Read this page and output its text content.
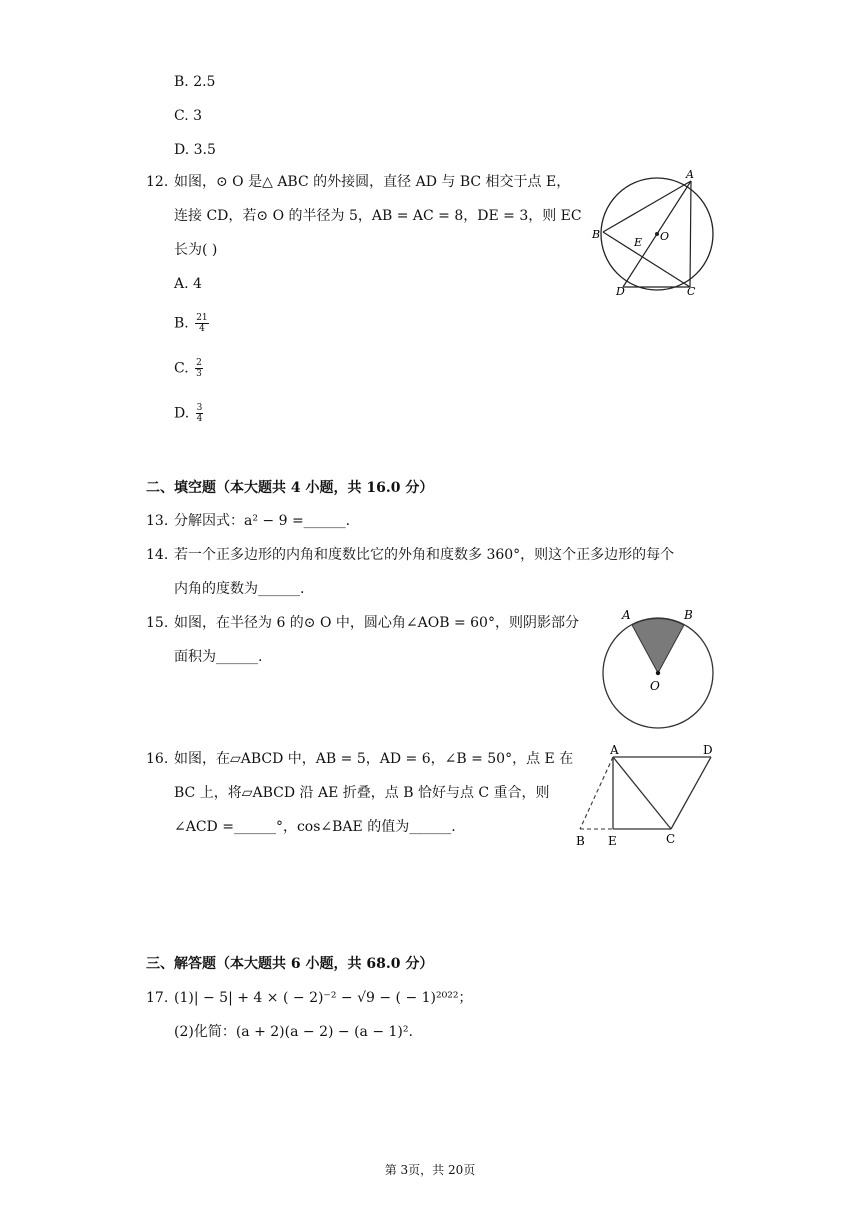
B. 2.5
C. 3
D. 3.5
12. 如图，⊙ O 是△ ABC 的外接圆，直径 AD 与 BC 相交于点 E，
连接 CD，若⊙ O 的半径为 5，AB = AC = 8，DE = 3，则 EC
长为( )
A. 4
B. $\frac{21}{4}$
C. $\frac{2}{3}$
D. $\frac{3}{4}$
A
B
C
D
E O
二、填空题（本大题共 4 小题，共 16.0 分）
13. 分解因式：a² − 9 =______.
14. 若一个正多边形的内角和度数比它的外角和度数多 360°，则这个正多边形的每个
内角的度数为______.
15. 如图，在半径为 6 的⊙ O 中，圆心角∠AOB = 60°，则阴影部分
面积为______.
A	B
O
16. 如图，在▱ABCD 中，AB = 5，AD = 6，∠B = 50°，点 E 在
BC 上，将▱ABCD 沿 AE 折叠，点 B 恰好与点 C 重合，则
∠ACD =______°，cos∠BAE 的值为______.
A	D
B E	C
三、解答题（本大题共 6 小题，共 68.0 分）
17. (1)| − 5| + 4 × ( − 2)⁻² − √9 − ( − 1)²⁰²²；
(2)化简：(a + 2)(a − 2) − (a − 1)².
第 3页，共 20页
